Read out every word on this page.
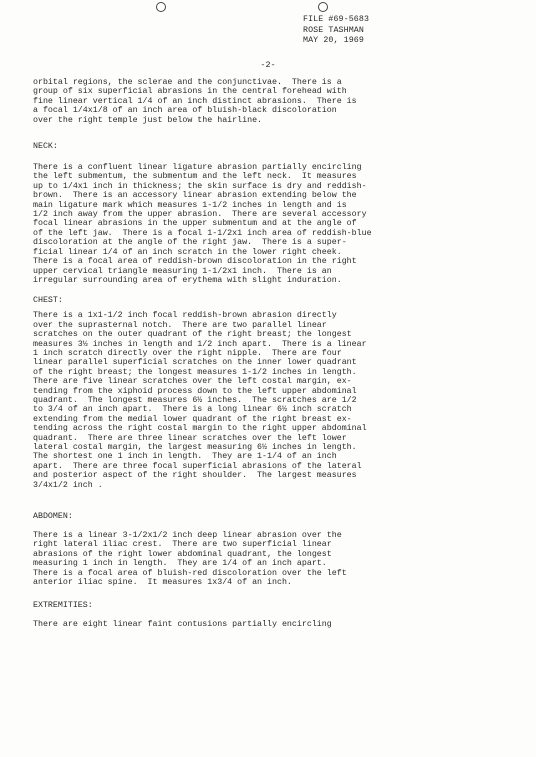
FILE #69-5683
ROSE TASHMAN
MAY 20, 1969
-2-
orbital regions, the sclerae and the conjunctivae.  There is a
group of six superficial abrasions in the central forehead with
fine linear vertical 1/4 of an inch distinct abrasions.  There is
a focal 1/4x1/8 of an inch area of bluish-black discoloration
over the right temple just below the hairline.
NECK:
There is a confluent linear ligature abrasion partially encircling
the left submentum, the submentum and the left neck.  It measures
up to 1/4x1 inch in thickness; the skin surface is dry and reddish-
brown.  There is an accessory linear abrasion extending below the
main ligature mark which measures 1-1/2 inches in length and is
1/2 inch away from the upper abrasion.  There are several accessory
focal linear abrasions in the upper submentum and at the angle of
of the left jaw.  There is a focal 1-1/2x1 inch area of reddish-blue
discoloration at the angle of the right jaw.  There is a super-
ficial linear 1/4 of an inch scratch in the lower right cheek.
There is a focal area of reddish-brown discoloration in the right
upper cervical triangle measuring 1-1/2x1 inch.  There is an
irregular surrounding area of erythema with slight induration.
CHEST:
There is a 1x1-1/2 inch focal reddish-brown abrasion directly
over the suprasternal notch.  There are two parallel linear
scratches on the outer quadrant of the right breast; the longest
measures 3½ inches in length and 1/2 inch apart.  There is a linear
1 inch scratch directly over the right nipple.  There are four
linear parallel superficial scratches on the inner lower quadrant
of the right breast; the longest measures 1-1/2 inches in length.
There are five linear scratches over the left costal margin, ex-
tending from the xiphoid process down to the left upper abdominal
quadrant.  The longest measures 6½ inches.  The scratches are 1/2
to 3/4 of an inch apart.  There is a long linear 6½ inch scratch
extending from the medial lower quadrant of the right breast ex-
tending across the right costal margin to the right upper abdominal
quadrant.  There are three linear scratches over the left lower
lateral costal margin, the largest measuring 6½ inches in length.
The shortest one 1 inch in length.  They are 1-1/4 of an inch
apart.  There are three focal superficial abrasions of the lateral
and posterior aspect of the right shoulder.  The largest measures
3/4x1/2 inch .
ABDOMEN:
There is a linear 3-1/2x1/2 inch deep linear abrasion over the
right lateral iliac crest.  There are two superficial linear
abrasions of the right lower abdominal quadrant, the longest
measuring 1 inch in length.  They are 1/4 of an inch apart.
There is a focal area of bluish-red discoloration over the left
anterior iliac spine.  It measures 1x3/4 of an inch.
EXTREMITIES:
There are eight linear faint contusions partially encircling
